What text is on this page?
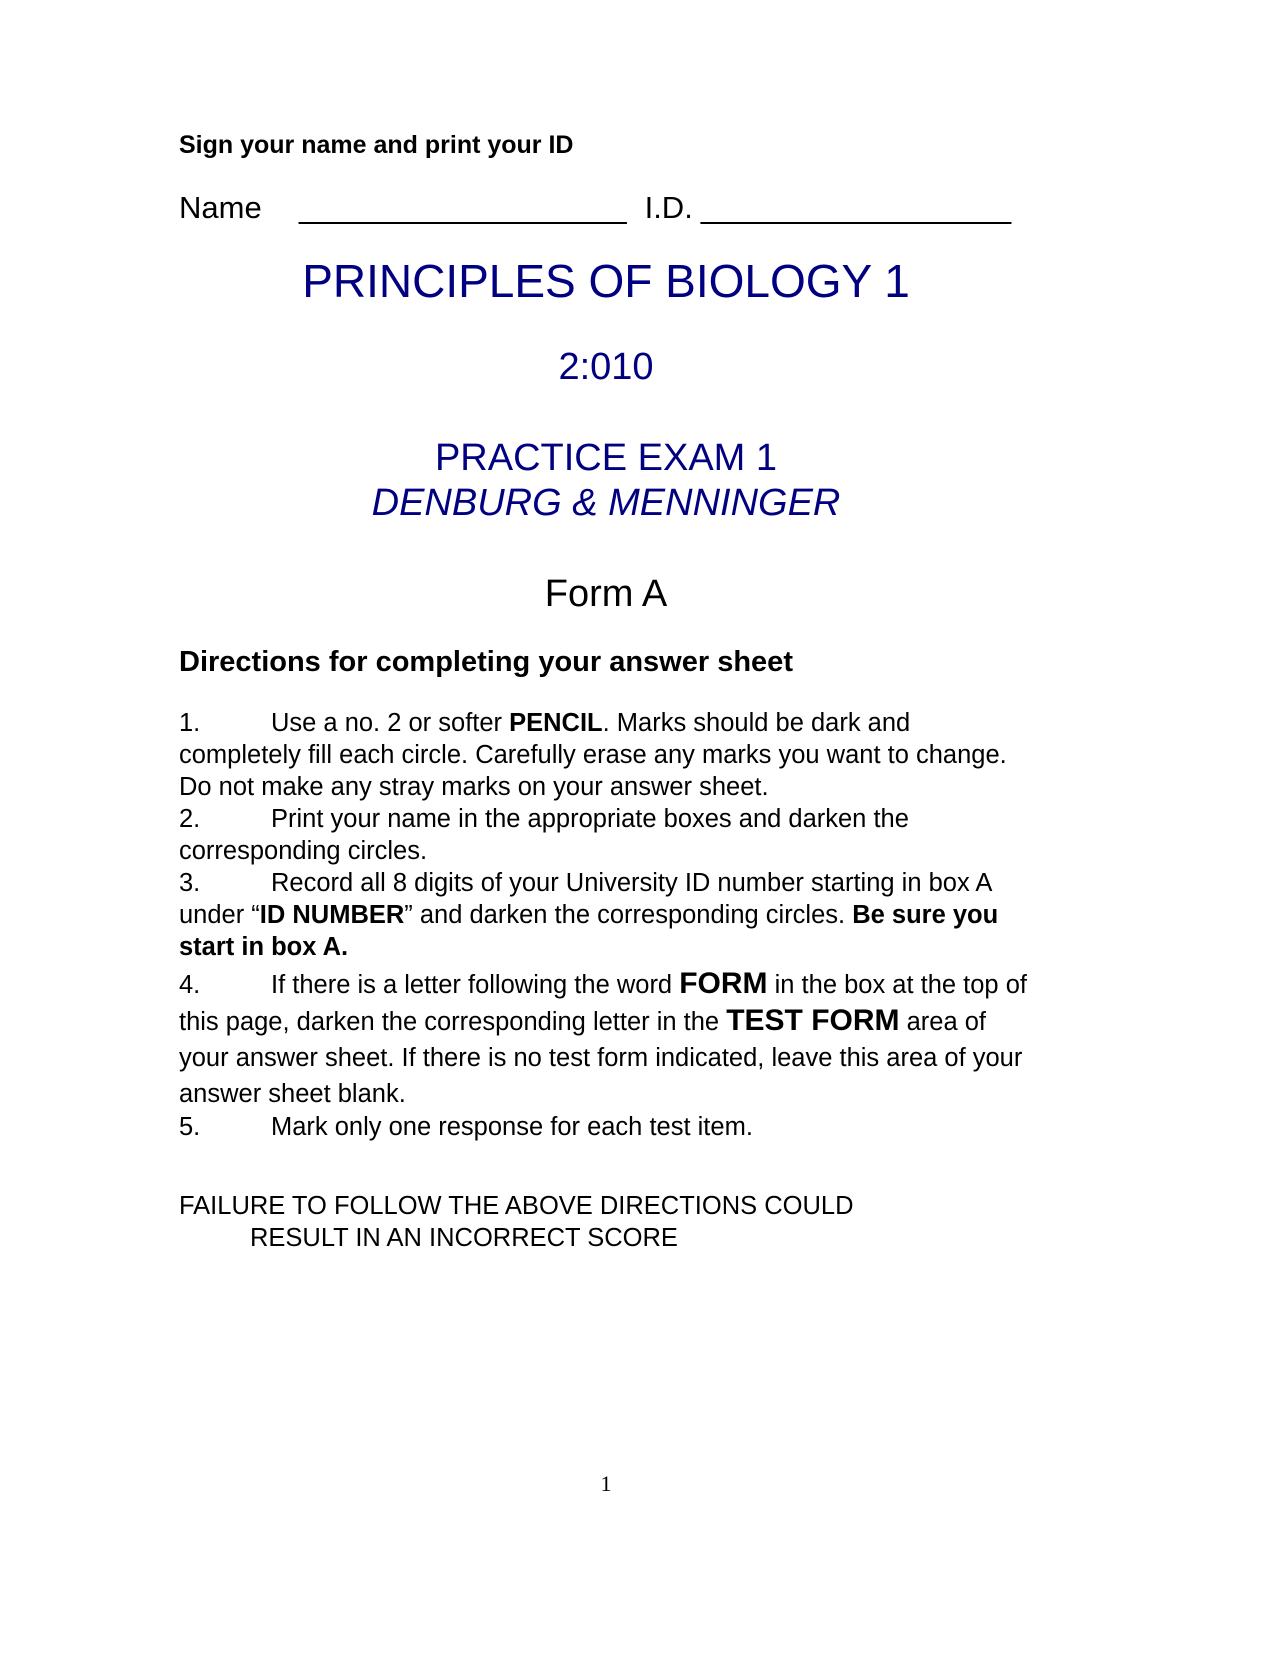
Sign your name and print your ID
Name ___________________ I.D. __________________
PRINCIPLES OF BIOLOGY 1
2:010
PRACTICE EXAM 1
DENBURG & MENNINGER
Form A
Directions for completing your answer sheet

1.	Use a no. 2 or softer PENCIL. Marks should be dark and completely fill each circle. Carefully erase any marks you want to change. Do not make any stray marks on your answer sheet.

2.	Print your name in the appropriate boxes and darken the corresponding circles.

3.	Record all 8 digits of your University ID number starting in box A under “ID NUMBER” and darken the corresponding circles. Be sure you start in box A.

4.	If there is a letter following the word FORM in the box at the top of this page, darken the corresponding letter in the TEST FORM area of your answer sheet. If there is no test form indicated, leave this area of your answer sheet blank.

5.	Mark only one response for each test item.

FAILURE TO FOLLOW THE ABOVE DIRECTIONS COULD
RESULT IN AN INCORRECT SCORE
1
